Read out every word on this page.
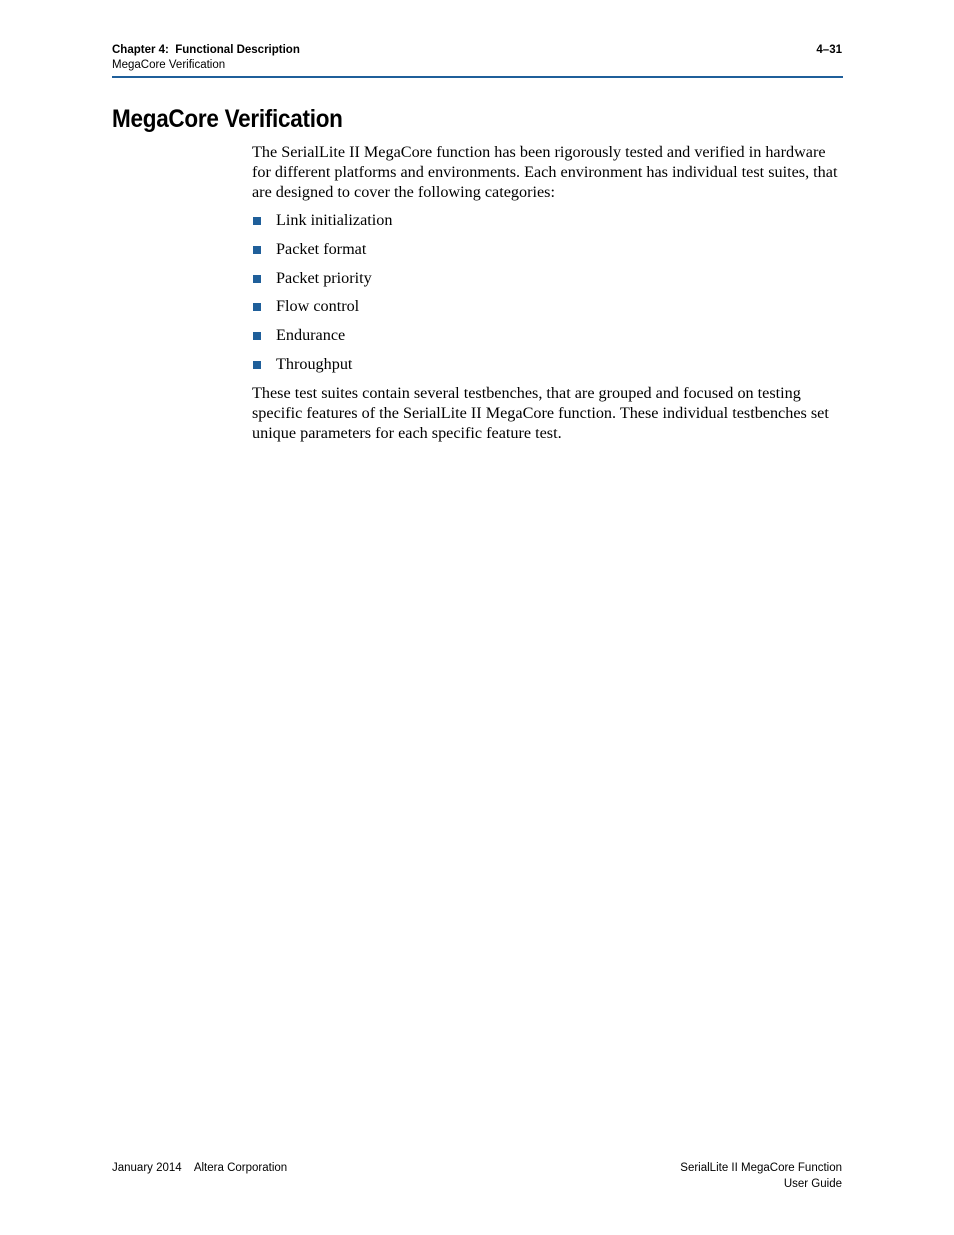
Chapter 4:  Functional Description	4–31
MegaCore Verification
MegaCore Verification

The SerialLite II MegaCore function has been rigorously tested and verified in hardware for different platforms and environments. Each environment has individual test suites, that are designed to cover the following categories:

Link initialization
Packet format
Packet priority
Flow control
Endurance
Throughput

These test suites contain several testbenches, that are grouped and focused on testing specific features of the SerialLite II MegaCore function. These individual testbenches set unique parameters for each specific feature test.

January 2014    Altera Corporation	SerialLite II MegaCore Function
User Guide
